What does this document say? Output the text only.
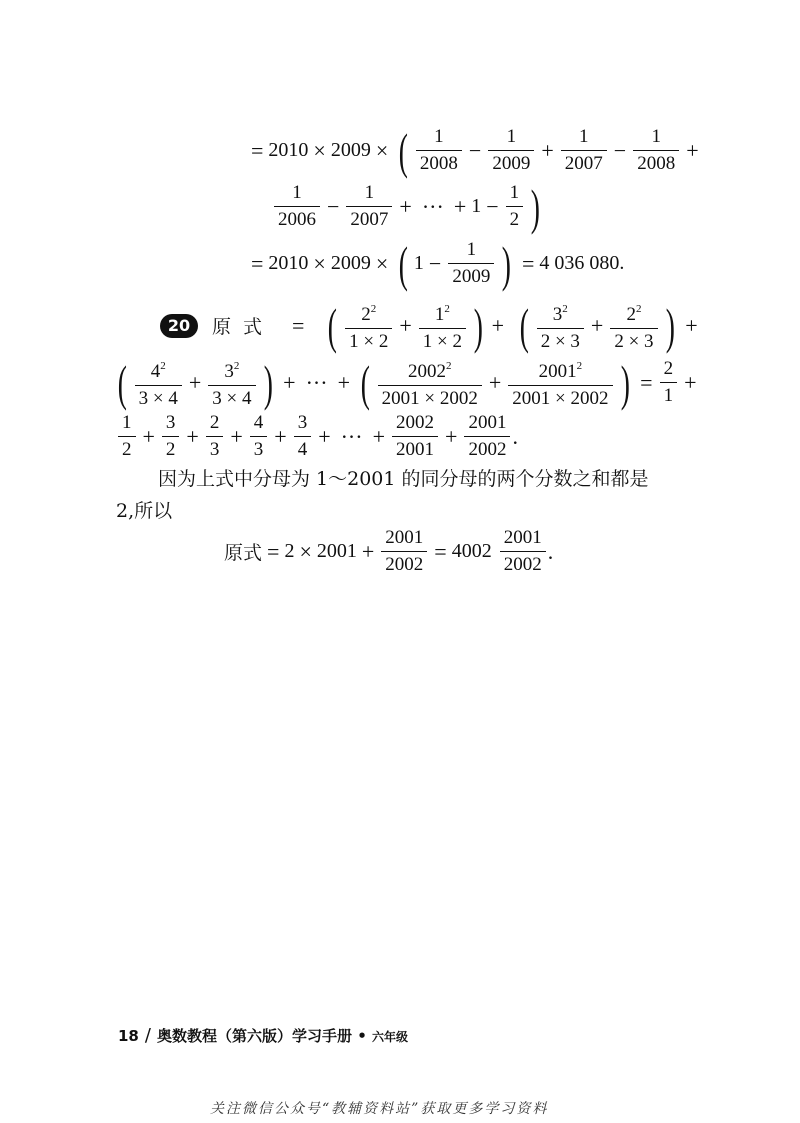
= 2010 × 2009 × ( $\frac{1}{2008} - \frac{1}{2009} + \frac{1}{2007} - \frac{1}{2008}$ +
$\frac{1}{2006} - \frac{1}{2007}$ + ··· + $1 - \frac{1}{2}$ )
= 2010 × 2009 × ( $1 - \frac{1}{2009}$ ) = 4 036 080.
20	原式 = ( $\frac{2^2}{1 \times 2} + \frac{1^2}{1 \times 2}$ ) + ( $\frac{3^2}{2 \times 3} + \frac{2^2}{2 \times 3}$ ) +
( $\frac{4^2}{3 \times 4} + \frac{3^2}{3 \times 4}$ ) + ··· + ( $\frac{2002^2}{2001 \times 2002} + \frac{2001^2}{2001 \times 2002}$ ) = $\frac{2}{1}$ +
$\frac{1}{2} + \frac{3}{2} + \frac{2}{3} + \frac{4}{3} + \frac{3}{4}$ + ··· + $\frac{2002}{2001} + \frac{2001}{2002}$ .
因为上式中分母为 1～2001 的同分母的两个分数之和都是
2,所以
原式 = $2 \times 2001 + \frac{2001}{2002} = 4002 \frac{2001}{2002}$ .
18 / 奥数教程（第六版）学习手册 • 六年级
关注微信公众号“教辅资料站”获取更多学习资料
